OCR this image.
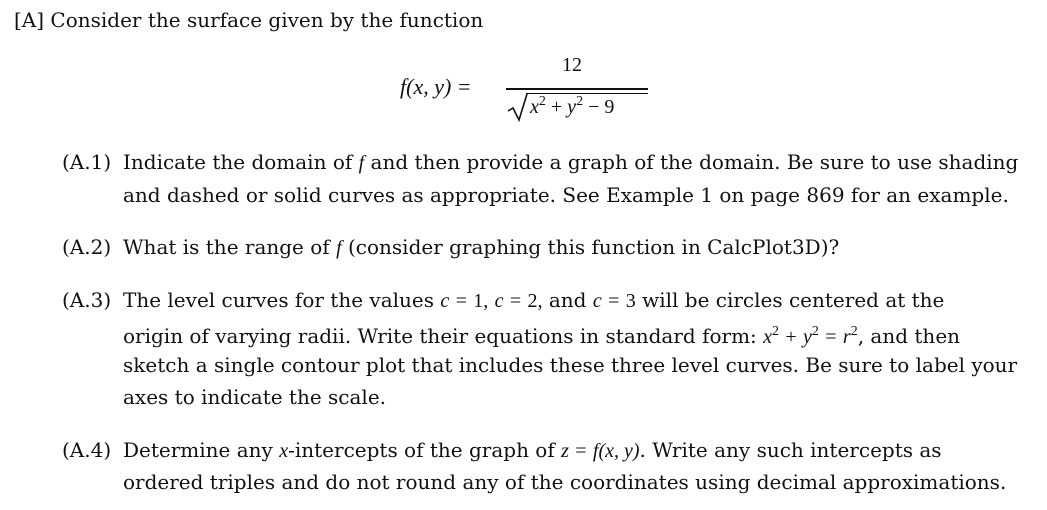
[A] Consider the surface given by the function
f(x, y) =
12
$x^2 + y^2 - 9$
(A.1) Indicate the domain of f and then provide a graph of the domain. Be sure to use shading
and dashed or solid curves as appropriate. See Example 1 on page 869 for an example.
(A.2) What is the range of f (consider graphing this function in CalcPlot3D)?
(A.3) The level curves for the values c = 1, c = 2, and c = 3 will be circles centered at the
origin of varying radii. Write their equations in standard form: $x^2 + y^2 = r^2$, and then
sketch a single contour plot that includes these three level curves. Be sure to label your
axes to indicate the scale.
(A.4) Determine any x-intercepts of the graph of z = f(x, y). Write any such intercepts as
ordered triples and do not round any of the coordinates using decimal approximations.
